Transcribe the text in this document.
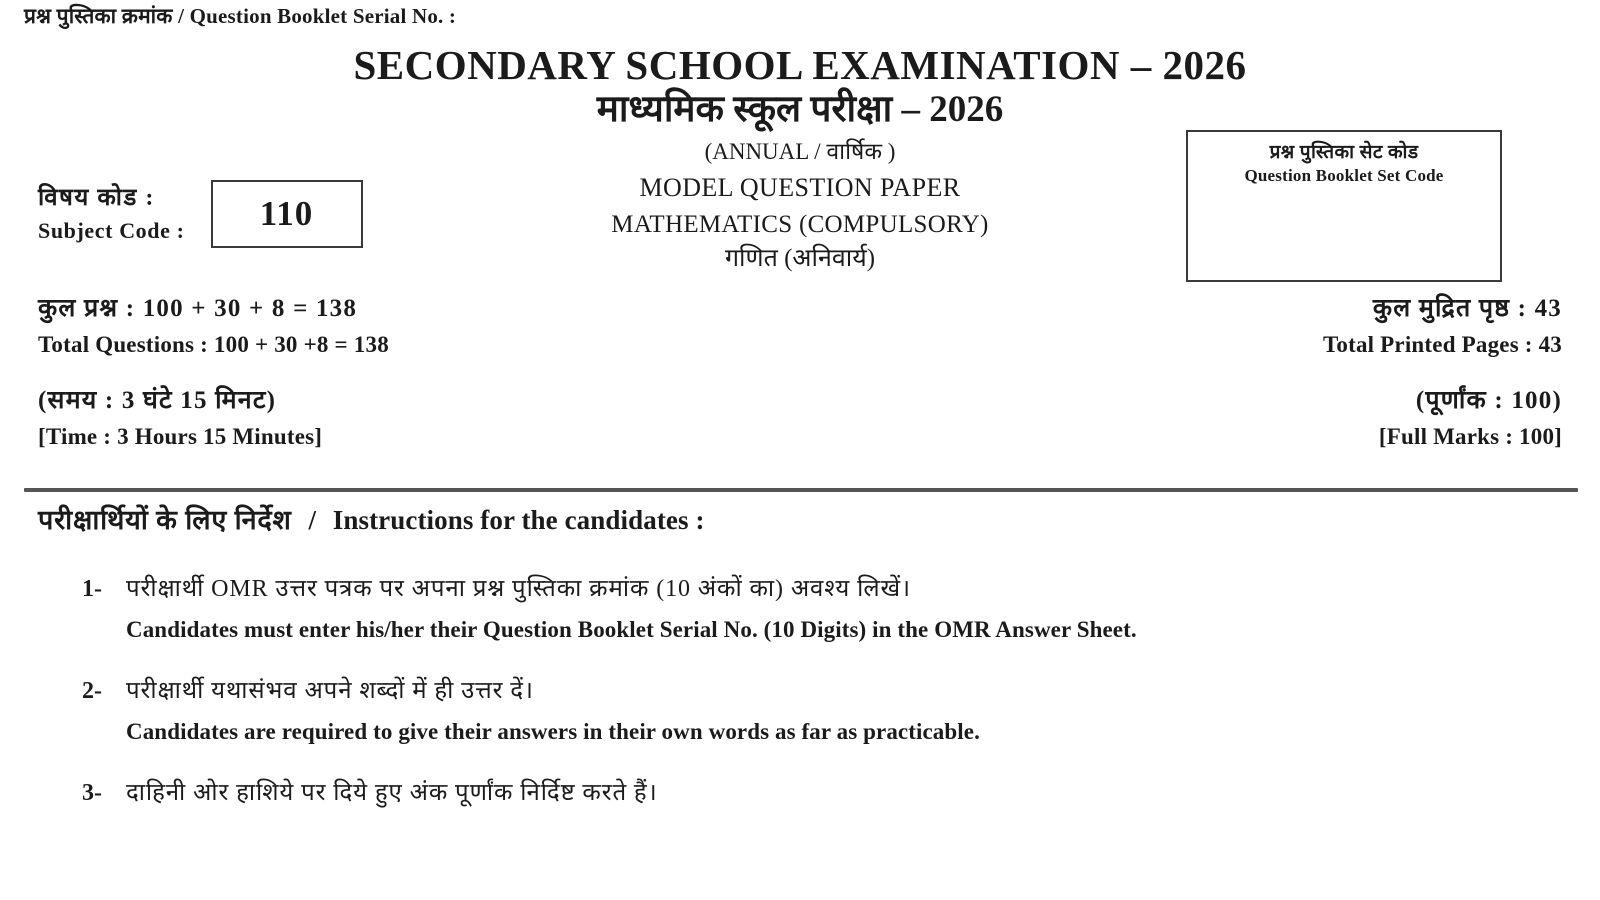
प्रश्न पुस्तिका क्रमांक / Question Booklet Serial No. :
SECONDARY SCHOOL EXAMINATION – 2026
माध्यमिक स्कूल परीक्षा – 2026
(ANNUAL / वार्षिक )
MODEL QUESTION PAPER
MATHEMATICS (COMPULSORY)
गणित (अनिवार्य)
विषय कोड :
Subject Code : 110
प्रश्न पुस्तिका सेट कोड
Question Booklet Set Code
कुल प्रश्न : 100 + 30 + 8 = 138
Total Questions : 100 + 30 +8 = 138
कुल मुद्रित पृष्ठ : 43
Total Printed Pages : 43
(समय : 3 घंटे 15 मिनट)
[Time : 3 Hours 15 Minutes]
(पूर्णांक : 100)
[Full Marks : 100]
परीक्षार्थियों के लिए निर्देश / Instructions for the candidates :
1-	परीक्षार्थी OMR उत्तर पत्रक पर अपना प्रश्न पुस्तिका क्रमांक (10 अंकों का) अवश्य लिखें।
Candidates must enter his/her their Question Booklet Serial No. (10 Digits) in the OMR Answer Sheet.
2-	परीक्षार्थी यथासंभव अपने शब्दों में ही उत्तर दें।
Candidates are required to give their answers in their own words as far as practicable.
3-	दाहिनी ओर हाशिये पर दिये हुए अंक पूर्णांक निर्दिष्ट करते हैं।
